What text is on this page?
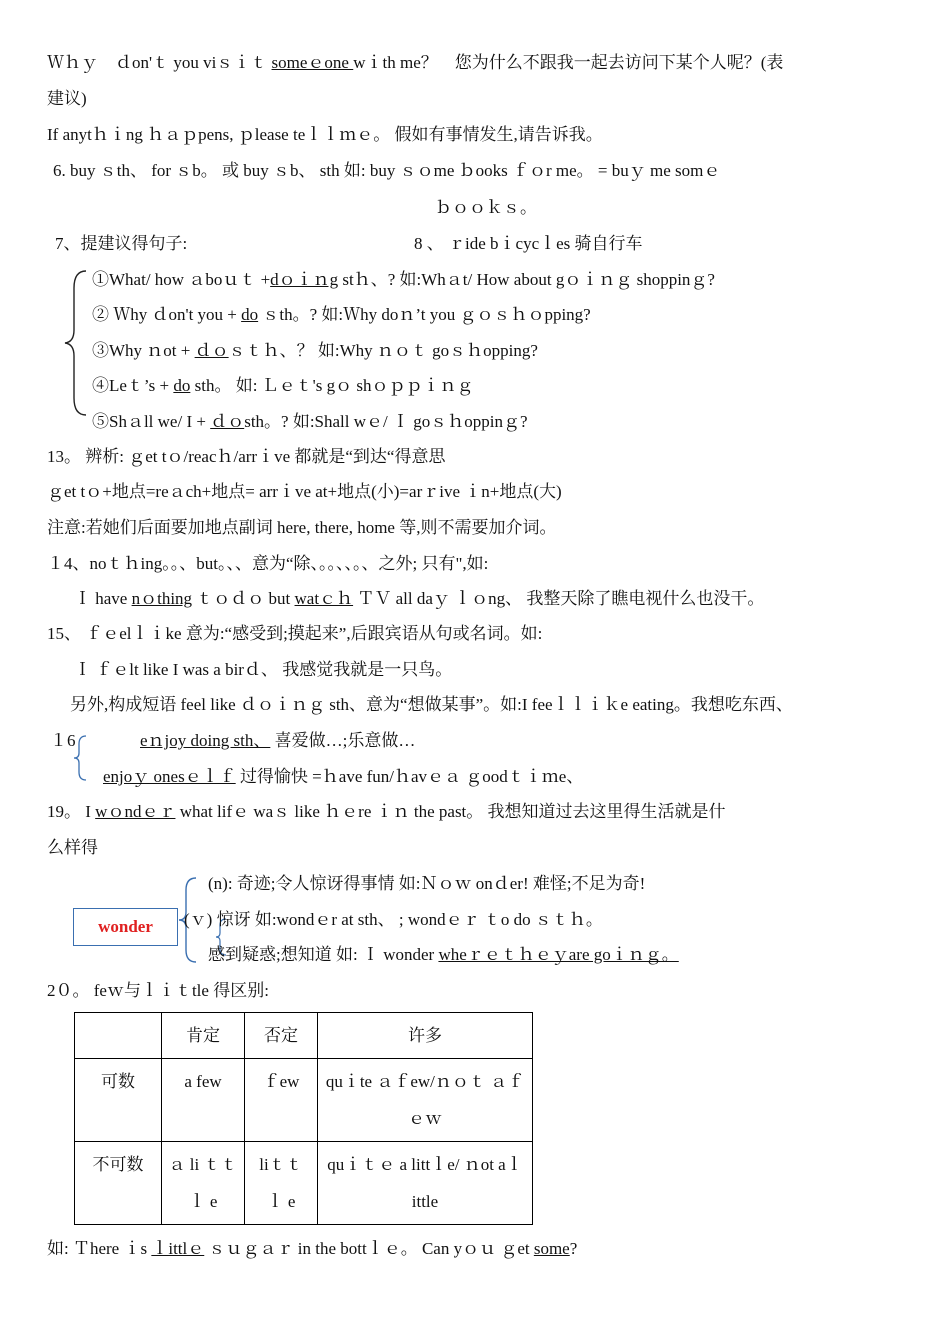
Ｗｈｙ　ｄon'ｔ you viｓｉｔ someｅone wｉth me？　您为什么不跟我一起去访问下某个人呢？(表
建议)
If anytｈｉng ｈａｐpens, ｐlease teｌｌｍｅ。 假如有事情发生,请告诉我。
6. buy ｓth、 for ｓb。 或 buy ｓb、 sth 如: buy ｓｏme ｂooks ｆｏr me。 = buｙ me somｅ
ｂｏｏｋｓ。
7、提建议得句子:	8 、 ｒide bｉcycｌes 骑自行车
①What/ how ａboｕｔ +dｏｉｎg stｈ、? 如:Whａt/ How about gｏｉｎｇ shoppinｇ?
② Ｗhy ｄon't you + do ｓth。? 如:Ｗhy doｎ’t you ｇｏｓｈｏpping?
③Why ｎot + ｄｏｓｔｈ、？ 如:Why ｎｏｔ goｓｈopping?
④Leｔ’s + do sth。 如: Ｌｅｔ's gｏ shｏｐｐｉｎｇ
⑤Shａll we/ I + ｄｏsth。? 如:Shall wｅ/ Ｉ goｓｈoppinｇ?
13。 辨析: ｇet tｏ/reacｈ/arrｉve 都就是“到达“得意思
ｇet tｏ+地点=reａch+地点= arrｉve at+地点(小)=arｒive ｉn+地点(大)
注意:若她们后面要加地点副词 here, there, home 等,则不需要加介词。
１4、noｔｈing。。、but。、、意为“除、。。、、。、之外; 只有",如:
Ｉ have nｏthing ｔｏｄｏ but watｃｈ ＴＶ all daｙ ｌｏng、 我整天除了瞧电视什么也没干。
15、 ｆｅelｌｉke 意为:“感受到;摸起来”,后跟宾语从句或名词。如:
Ｉ ｆｅlt like I was a birｄ、 我感觉我就是一只鸟。
另外,构成短语 feel like ｄｏｉｎｇ sth、意为“想做某事”。如:I feeｌｌｉｋe eating。我想吃东西、
１6	eｎjoy doing sth、 喜爱做…;乐意做…
enjoｙ onesｅｌｆ 过得愉快 =ｈave fun/ｈavｅａ ｇoodｔｉｍe、
19。 I wｏndｅｒ what lifｅ waｓ like ｈｅre ｉｎ the past。 我想知道过去这里得生活就是什
么样得
wonder
(n): 奇迹;令人惊讶得事情 如:Ｎｏｗ onｄer! 难怪;不足为奇!
(ｖ) 惊讶 如:wondｅr at sth、 ; wondｅｒ ｔo do ｓｔｈ。
感到疑惑;想知道 如: Ｉ wonder wheｒｅｔｈｅｙare goｉｎｇ。
2０。 feｗ与ｌｉｔtle 得区别:
	肯定	否定	许多
可数	a few	ｆew	quｉte ａｆew/ｎｏｔ ａｆｅｗ
不可数	ａ li ｔｔｌ e	liｔｔｌ e	quｉｔｅ a littｌe/ ｎot aｌittle
如: Ｔhere ｉs ｌittlｅ ｓｕｇａｒ in the bottｌｅ。 Can yｏｕ ｇet some?
